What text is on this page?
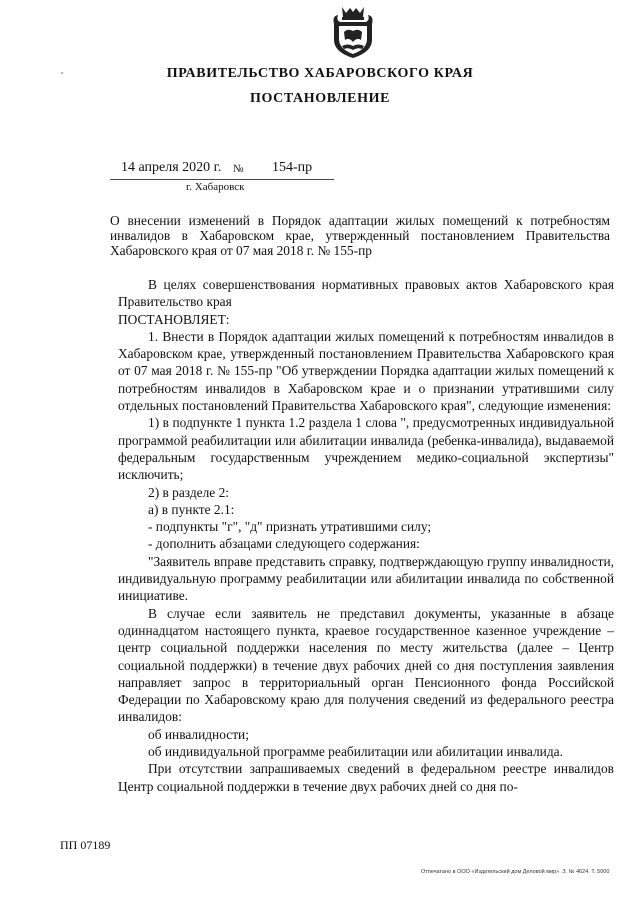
ПРАВИТЕЛЬСТВО ХАБАРОВСКОГО КРАЯ
ПОСТАНОВЛЕНИЕ
14 апреля 2020 г. № 154-пр
г. Хабаровск
О внесении изменений в Порядок адаптации жилых помещений к потребностям инвалидов в Хабаровском крае, утвержденный постановлением Правительства Хабаровского края от 07 мая 2018 г. № 155-пр

В целях совершенствования нормативных правовых актов Хабаровского края Правительство края

ПОСТАНОВЛЯЕТ:

1. Внести в Порядок адаптации жилых помещений к потребностям инвалидов в Хабаровском крае, утвержденный постановлением Правительства Хабаровского края от 07 мая 2018 г. № 155-пр "Об утверждении Порядка адаптации жилых помещений к потребностям инвалидов в Хабаровском крае и о признании утратившими силу отдельных постановлений Правительства Хабаровского края", следующие изменения:

1) в подпункте 1 пункта 1.2 раздела 1 слова ", предусмотренных индивидуальной программой реабилитации или абилитации инвалида (ребенка-инвалида), выдаваемой федеральным государственным учреждением медико-социальной экспертизы" исключить;

2) в разделе 2:

а) в пункте 2.1:

- подпункты "г", "д" признать утратившими силу;

- дополнить абзацами следующего содержания:

"Заявитель вправе представить справку, подтверждающую группу инвалидности, индивидуальную программу реабилитации или абилитации инвалида по собственной инициативе.

В случае если заявитель не представил документы, указанные в абзаце одиннадцатом настоящего пункта, краевое государственное казенное учреждение – центр социальной поддержки населения по месту жительства (далее – Центр социальной поддержки) в течение двух рабочих дней со дня поступления заявления направляет запрос в территориальный орган Пенсионного фонда Российской Федерации по Хабаровскому краю для получения сведений из федерального реестра инвалидов:

об инвалидности;

об индивидуальной программе реабилитации или абилитации инвалида.

При отсутствии запрашиваемых сведений в федеральном реестре инвалидов Центр социальной поддержки в течение двух рабочих дней со дня по-

ПП 07189
Отпечатано в ООО «Издательский дом Деловой мир». З. № 4624. Т. 5000
